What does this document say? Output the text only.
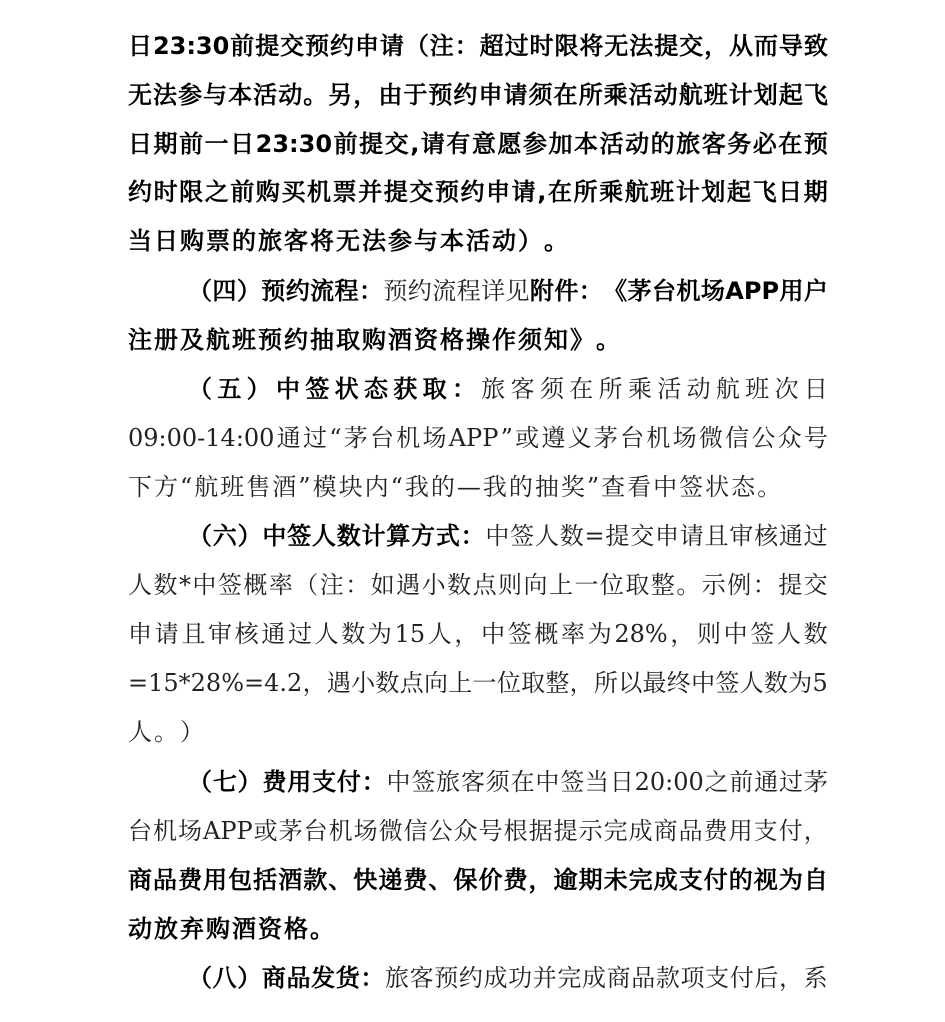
日 23:30 前 提 交 预 约 申 请 （ 注 ： 超 过 时 限 将 无 法 提 交 ， 从 而 导 致
无 法 参 与 本 活 动 。 另 ， 由 于 预 约 申 请 须 在 所 乘 活 动 航 班 计 划 起 飞
日 期 前 一 日 23:30 前 提 交 , 请 有 意 愿 参 加 本 活 动 的 旅 客 务 必 在 预
约 时 限 之 前 购 买 机 票 并 提 交 预 约 申 请 , 在 所 乘 航 班 计 划 起 飞 日 期
当 日 购 票 的 旅 客 将 无 法 参 与 本 活 动 ） 。
（ 四 ） 预 约 流 程 ： 预 约 流 程 详 见 附 件 ： 《 茅 台 机 场 APP 用 户
注 册 及 航 班 预 约 抽 取 购 酒 资 格 操 作 须 知 》 。
（ 五 ） 中 签 状 态 获 取 ： 旅 客 须 在 所 乘 活 动 航 班 次 日
09:00-14:00 通 过 “ 茅 台 机 场 APP ” 或 遵 义 茅 台 机 场 微 信 公 众 号
下 方 “ 航 班 售 酒 ” 模 块 内 “ 我 的 — 我 的 抽 奖 ” 查 看 中 签 状 态 。
（ 六 ） 中 签 人 数 计 算 方 式 ： 中 签 人 数 = 提 交 申 请 且 审 核 通 过
人 数 * 中 签 概 率 （ 注 ： 如 遇 小 数 点 则 向 上 一 位 取 整 。 示 例 ： 提 交
申 请 且 审 核 通 过 人 数 为 15 人 ， 中 签 概 率 为 28% ， 则 中 签 人 数
=15*28%=4.2 ， 遇 小 数 点 向 上 一 位 取 整 ， 所 以 最 终 中 签 人 数 为 5
人 。 ）
（ 七 ） 费 用 支 付 ： 中 签 旅 客 须 在 中 签 当 日 20:00 之 前 通 过 茅
台 机 场 APP 或 茅 台 机 场 微 信 公 众 号 根 据 提 示 完 成 商 品 费 用 支 付 ，
商 品 费 用 包 括 酒 款 、 快 递 费 、 保 价 费 ， 逾 期 未 完 成 支 付 的 视 为 自
动 放 弃 购 酒 资 格 。
（ 八 ） 商 品 发 货 ： 旅 客 预 约 成 功 并 完 成 商 品 款 项 支 付 后 ， 系
